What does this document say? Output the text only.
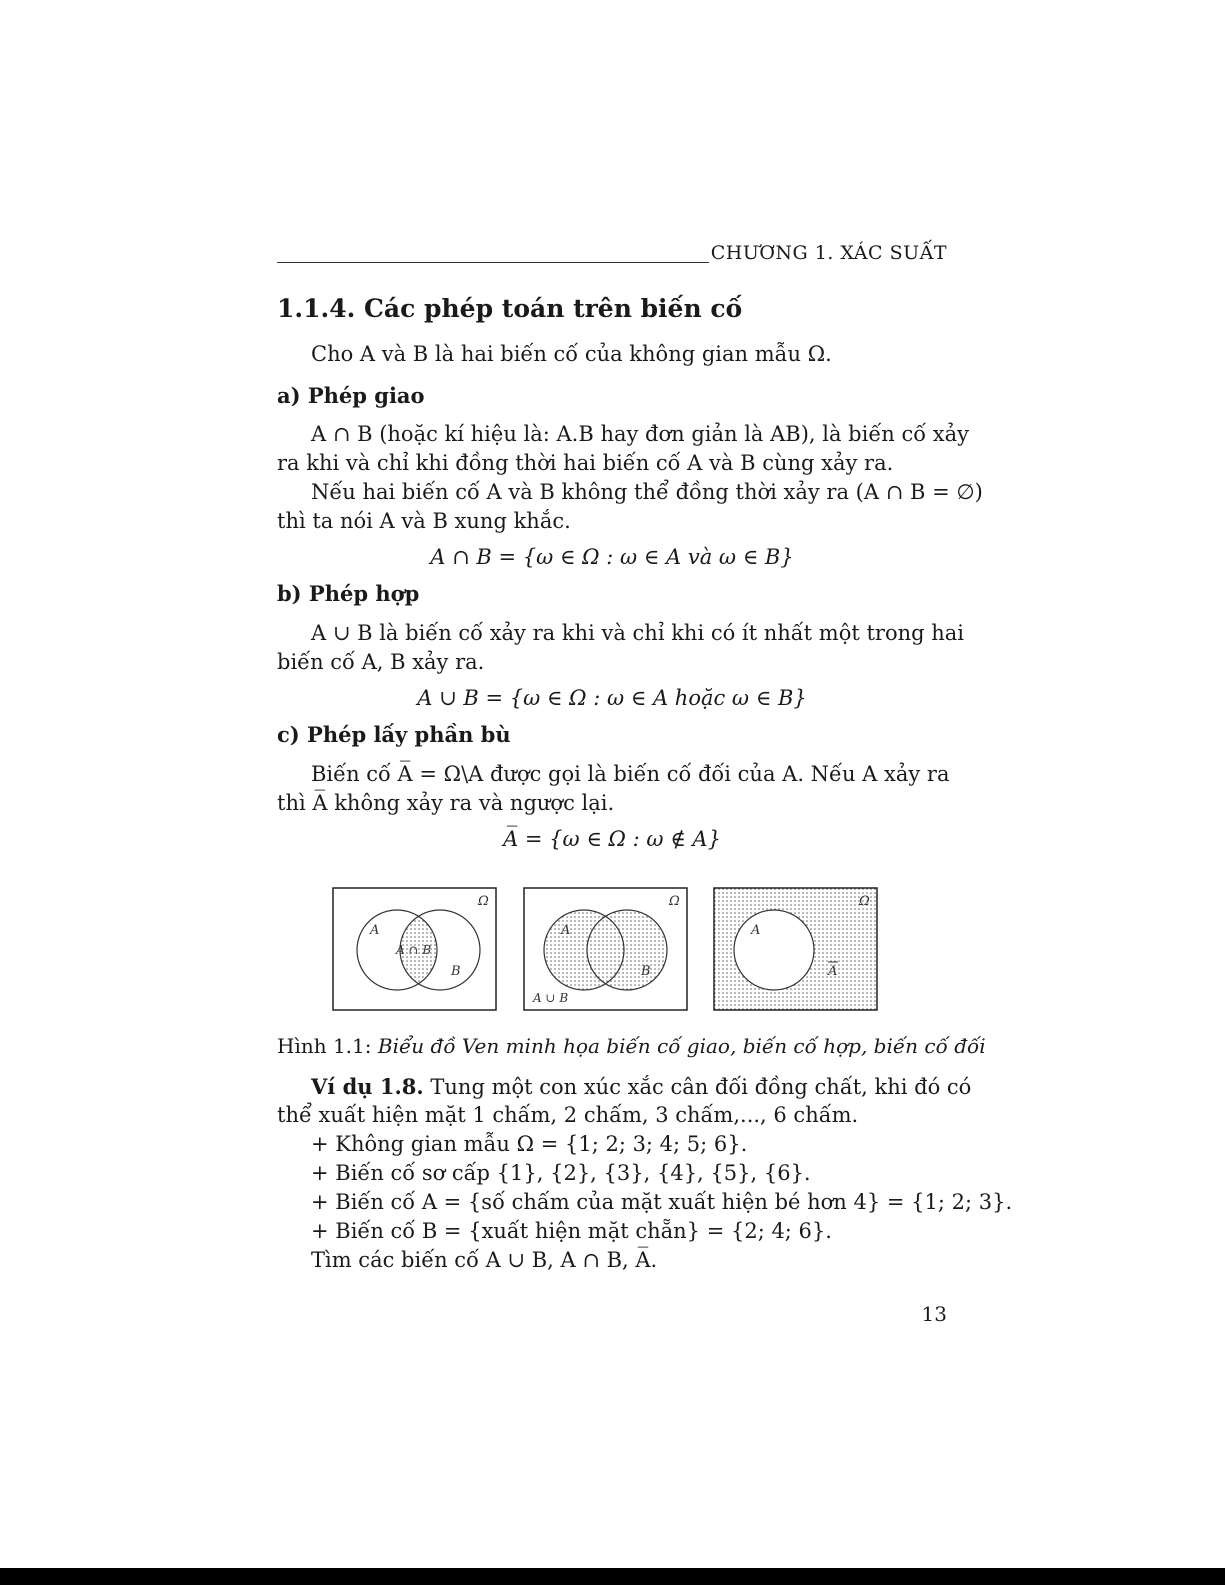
CHƯƠNG 1. XÁC SUẤT
1.1.4. Các phép toán trên biến cố
Cho A và B là hai biến cố của không gian mẫu Ω.
a) Phép giao
A ∩ B (hoặc kí hiệu là: A.B hay đơn giản là AB), là biến cố xảy
ra khi và chỉ khi đồng thời hai biến cố A và B cùng xảy ra.
Nếu hai biến cố A và B không thể đồng thời xảy ra (A ∩ B = ∅)
thì ta nói A và B xung khắc.
A ∩ B = {ω ∈ Ω : ω ∈ A và ω ∈ B}
b) Phép hợp
A ∪ B là biến cố xảy ra khi và chỉ khi có ít nhất một trong hai
biến cố A, B xảy ra.
A ∪ B = {ω ∈ Ω : ω ∈ A hoặc ω ∈ B}
c) Phép lấy phần bù
Biến cố A̅ = Ω\A được gọi là biến cố đối của A. Nếu A xảy ra
thì A̅ không xảy ra và ngược lại.
A̅ = {ω ∈ Ω : ω ∉ A}
Ω
A
B
A ∩ B
Ω
A
B
A ∪ B
Ω
A
A
Hình 1.1: Biểu đồ Ven minh họa biến cố giao, biến cố hợp, biến cố đối
Ví dụ 1.8. Tung một con xúc xắc cân đối đồng chất, khi đó có
thể xuất hiện mặt 1 chấm, 2 chấm, 3 chấm,..., 6 chấm.
+ Không gian mẫu Ω = {1; 2; 3; 4; 5; 6}.
+ Biến cố sơ cấp {1}, {2}, {3}, {4}, {5}, {6}.
+ Biến cố A = {số chấm của mặt xuất hiện bé hơn 4} = {1; 2; 3}.
+ Biến cố B = {xuất hiện mặt chẵn} = {2; 4; 6}.
Tìm các biến cố A ∪ B, A ∩ B, A̅.
13
